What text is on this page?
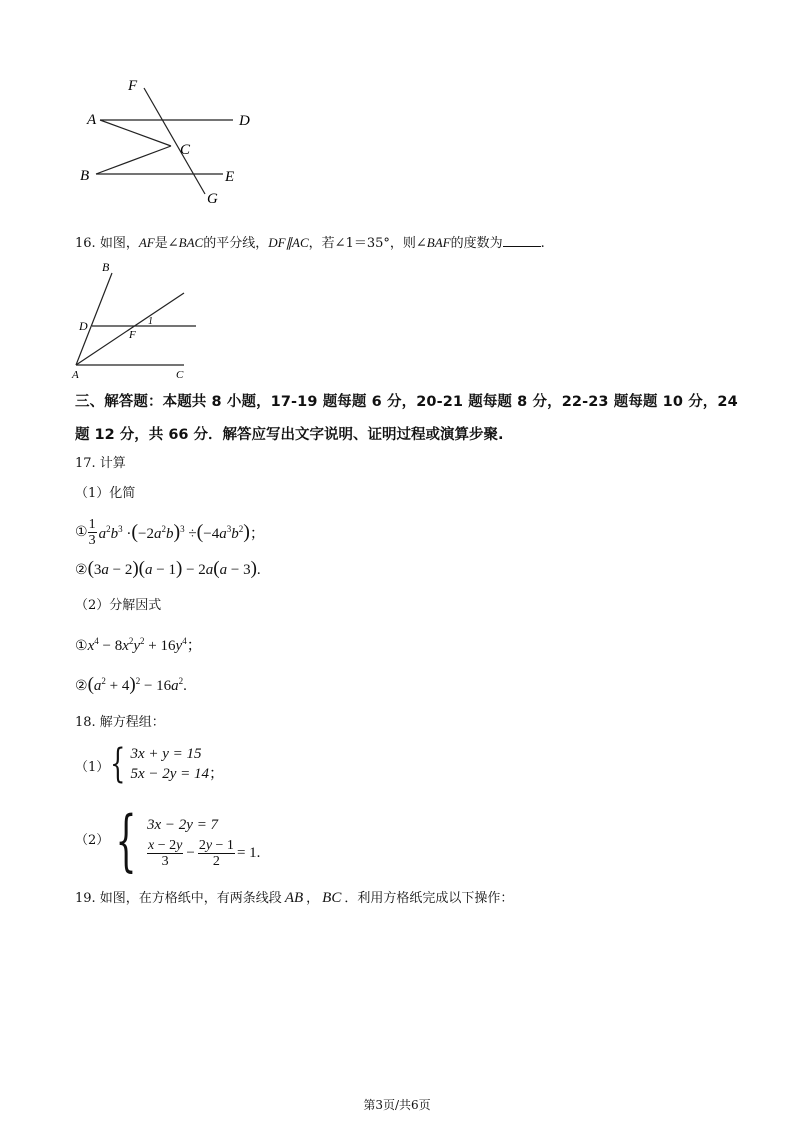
F
A	D
C
B	E
G
16. 如图，AF是∠BAC的平分线，DF∥AC，若∠1＝35°，则∠BAF的度数为	.
B
D
F
1
A	C
三、解答题：本题共 8 小题，17-19 题每题 6 分，20-21 题每题 8 分，22-23 题每题 10 分，24
题 12 分，共 66 分．解答应写出文字说明、证明过程或演算步聚.
17. 计算
（1）化简
① $\frac{1}{3} a^2b^3 \cdot(-2a^2b)^3 \div(-4a^3b^2)$；
②(3a − 2)(a − 1) − 2a(a − 3).
（2）分解因式
$①x^4 - 8x^2y^2 + 16y^4$；
$②(a^2 + 4)^2 - 16a^2$.
18. 解方程组：
（1） { 3x + y = 15
5x − 2y = 14；
（2） { 3x − 2y = 7
$\frac{x - 2y}{3} - \frac{2y - 1}{2} = 1$.
19. 如图，在方格纸中，有两条线段 AB ， BC ．利用方格纸完成以下操作：
第3页/共6页
